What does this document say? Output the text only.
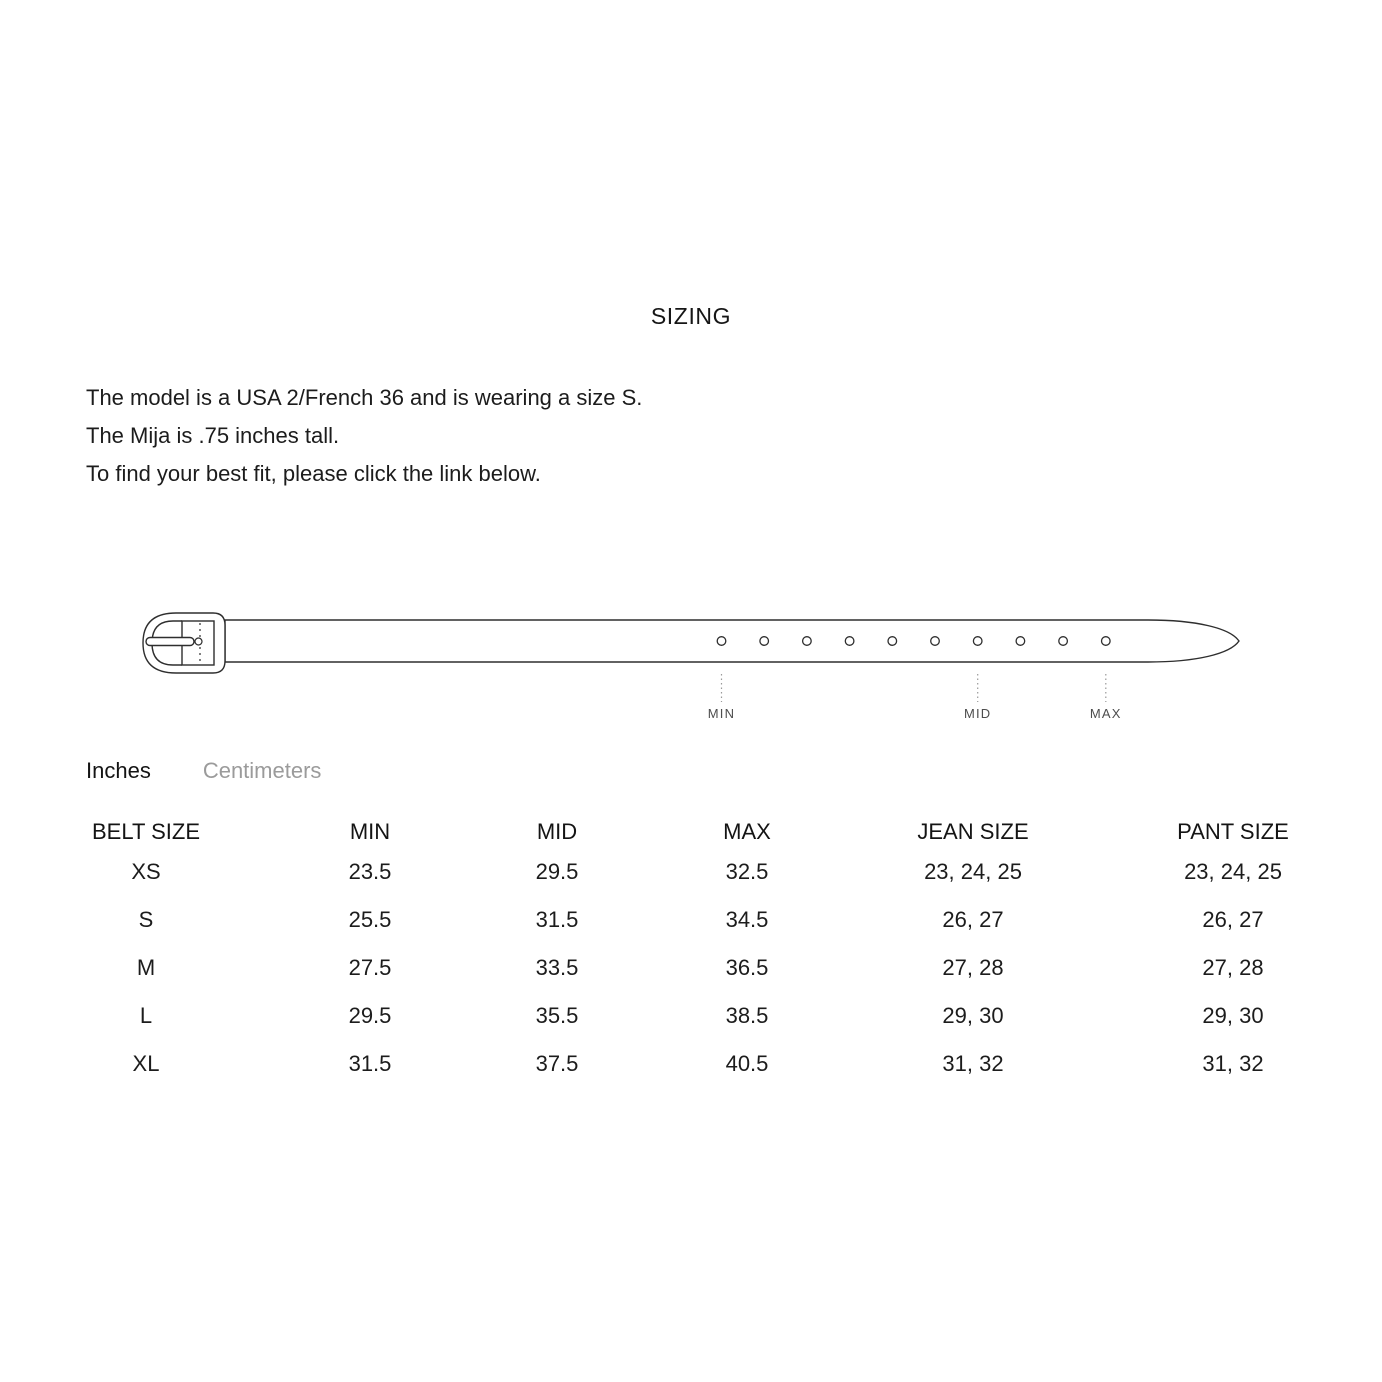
SIZING
The model is a USA 2/French 36 and is wearing a size S.
The Mija is .75 inches tall.
To find your best fit, please click the link below.
MIN	MID	MAX
Inches Centimeters
BELT SIZE	MIN	MID	MAX	JEAN SIZE	PANT SIZE
XS	23.5	29.5	32.5	23, 24, 25	23, 24, 25
S	25.5	31.5	34.5	26, 27	26, 27
M	27.5	33.5	36.5	27, 28	27, 28
L	29.5	35.5	38.5	29, 30	29, 30
XL	31.5	37.5	40.5	31, 32	31, 32
